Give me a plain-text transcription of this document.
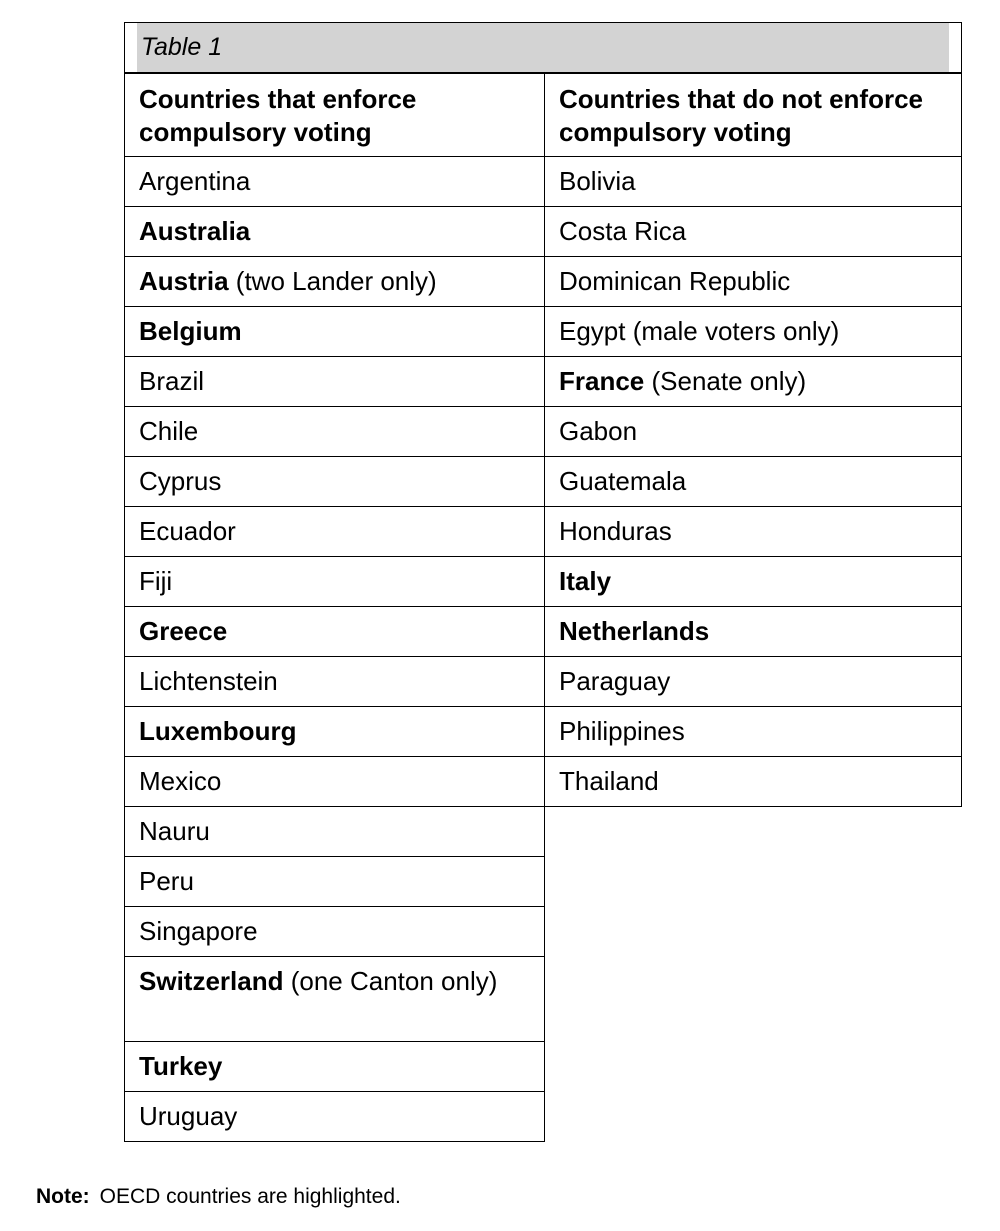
Table 1
Countries that enforce compulsory voting
Countries that do not enforce compulsory voting
Argentina
Australia
Austria (two Lander only)
Belgium
Brazil
Chile
Cyprus
Ecuador
Fiji
Greece
Lichtenstein
Luxembourg
Mexico
Nauru
Peru
Singapore
Switzerland (one Canton only)
Turkey
Uruguay
Bolivia
Costa Rica
Dominican Republic
Egypt (male voters only)
France (Senate only)
Gabon
Guatemala
Honduras
Italy
Netherlands
Paraguay
Philippines
Thailand
Note: OECD countries are highlighted.
